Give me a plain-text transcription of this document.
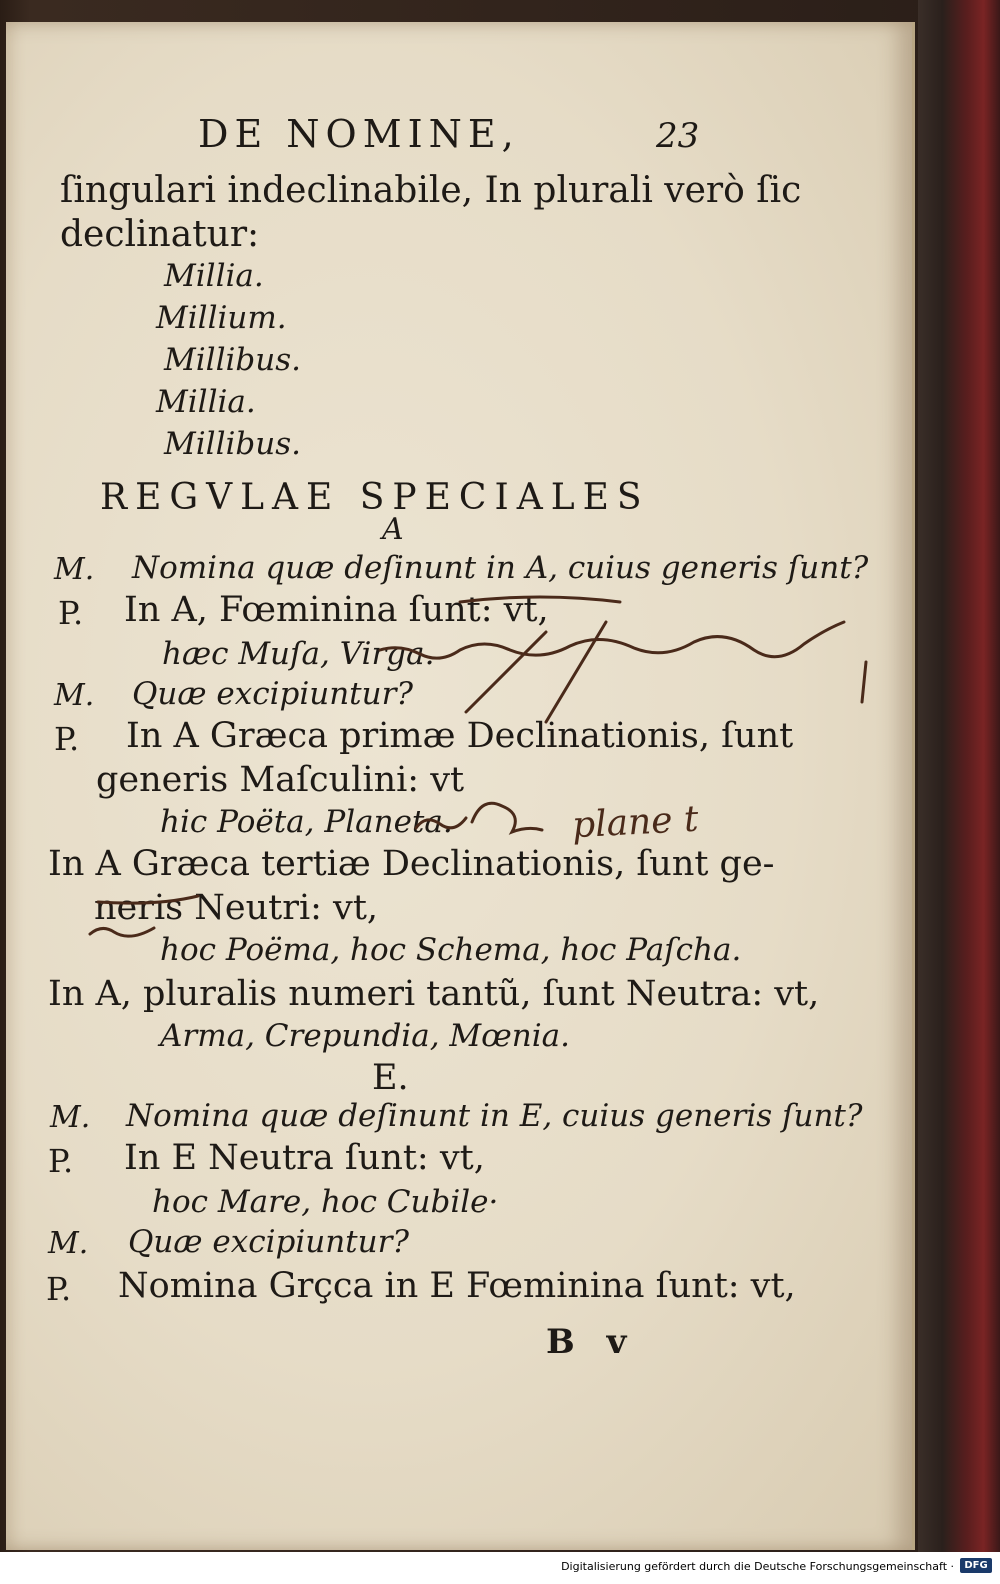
DE NOMINE,	23
ſingulari indeclinabile, In plurali verò ſic
declinatur:
Millia.
Millium.
Millibus.
Millia.
Millibus.
REGVLAE SPECIALES
A
M. Nomina quæ deſinunt in A, cuius generis ſunt?
P. In A, Fœminina ſunt: vt,
hæc Muſa, Virga.
M. Quæ excipiuntur?
P. In A Græca primæ Declinationis, ſunt
generis Maſculini: vt
hic Poëta, Planeta.
In A Græca tertiæ Declinationis, ſunt ge-
neris Neutri: vt,
hoc Poëma, hoc Schema, hoc Paſcha.
In A, pluralis numeri tantũ, ſunt Neutra: vt,
Arma, Crepundia, Mœnia.
E.
M. Nomina quæ deſinunt in E, cuius generis ſunt?
P. In E Neutra ſunt: vt,
hoc Mare, hoc Cubile·
M. Quæ excipiuntur?
P. Nomina Grçca in E Fœminina ſunt: vt,
B v
plane t
Digitalisierung gefördert durch die Deutsche Forschungsgemeinschaft ·	DFG
